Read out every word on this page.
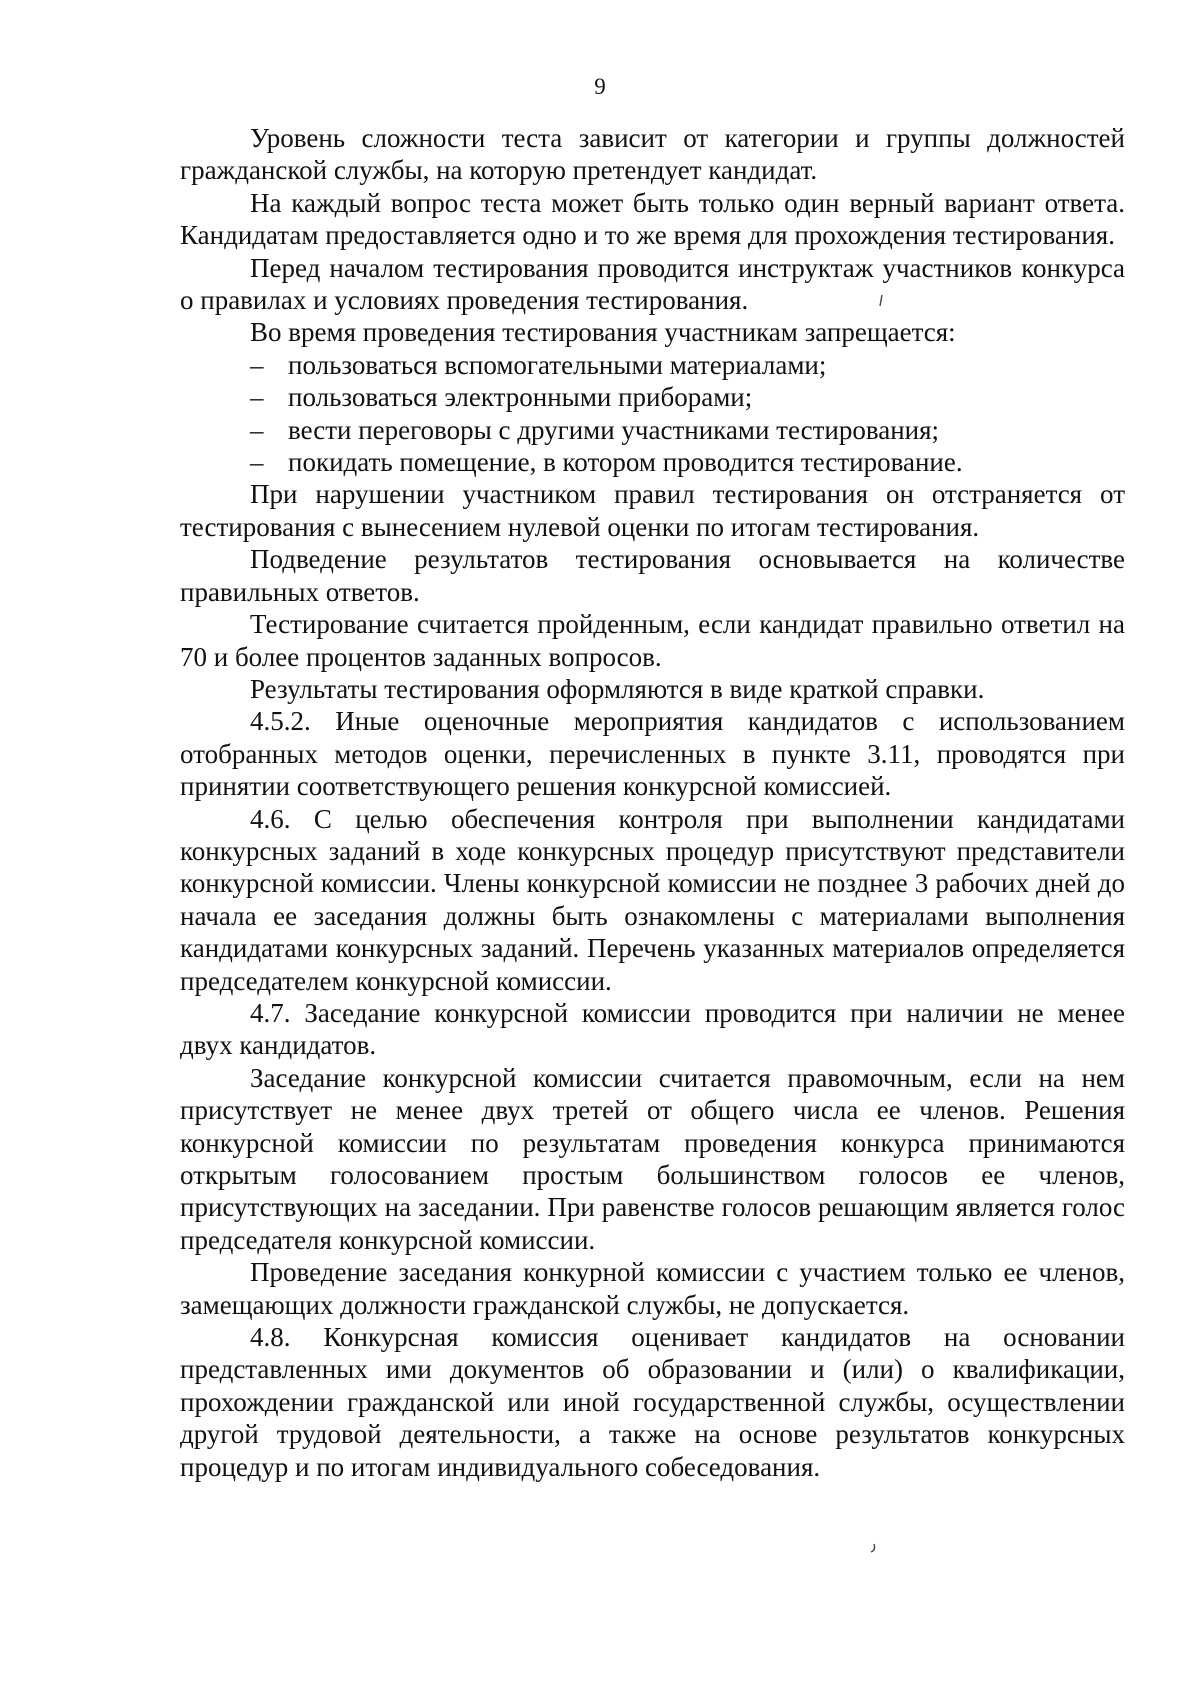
9

Уровень сложности теста зависит от категории и группы должностей гражданской службы, на которую претендует кандидат.

На каждый вопрос теста может быть только один верный вариант ответа. Кандидатам предоставляется одно и то же время для прохождения тестирования.

Перед началом тестирования проводится инструктаж участников конкурса о правилах и условиях проведения тестирования.

Во время проведения тестирования участникам запрещается:

– пользоваться вспомогательными материалами;
– пользоваться электронными приборами;
– вести переговоры с другими участниками тестирования;
– покидать помещение, в котором проводится тестирование.

При нарушении участником правил тестирования он отстраняется от тестирования с вынесением нулевой оценки по итогам тестирования.

Подведение результатов тестирования основывается на количестве правильных ответов.

Тестирование считается пройденным, если кандидат правильно ответил на 70 и более процентов заданных вопросов.

Результаты тестирования оформляются в виде краткой справки.

4.5.2. Иные оценочные мероприятия кандидатов с использованием отобранных методов оценки, перечисленных в пункте 3.11, проводятся при принятии соответствующего решения конкурсной комиссией.

4.6. С целью обеспечения контроля при выполнении кандидатами конкурсных заданий в ходе конкурсных процедур присутствуют представители конкурсной комиссии. Члены конкурсной комиссии не позднее 3 рабочих дней до начала ее заседания должны быть ознакомлены с материалами выполнения кандидатами конкурсных заданий. Перечень указанных материалов определяется председателем конкурсной комиссии.

4.7. Заседание конкурсной комиссии проводится при наличии не менее двух кандидатов.

Заседание конкурсной комиссии считается правомочным, если на нем присутствует не менее двух третей от общего числа ее членов. Решения конкурсной комиссии по результатам проведения конкурса принимаются открытым голосованием простым большинством голосов ее членов, присутствующих на заседании. При равенстве голосов решающим является голос председателя конкурсной комиссии.

Проведение заседания конкурной комиссии с участием только ее членов, замещающих должности гражданской службы, не допускается.

4.8. Конкурсная комиссия оценивает кандидатов на основании представленных ими документов об образовании и (или) о квалификации, прохождении гражданской или иной государственной службы, осуществлении другой трудовой деятельности, а также на основе результатов конкурсных процедур и по итогам индивидуального собеседования.
